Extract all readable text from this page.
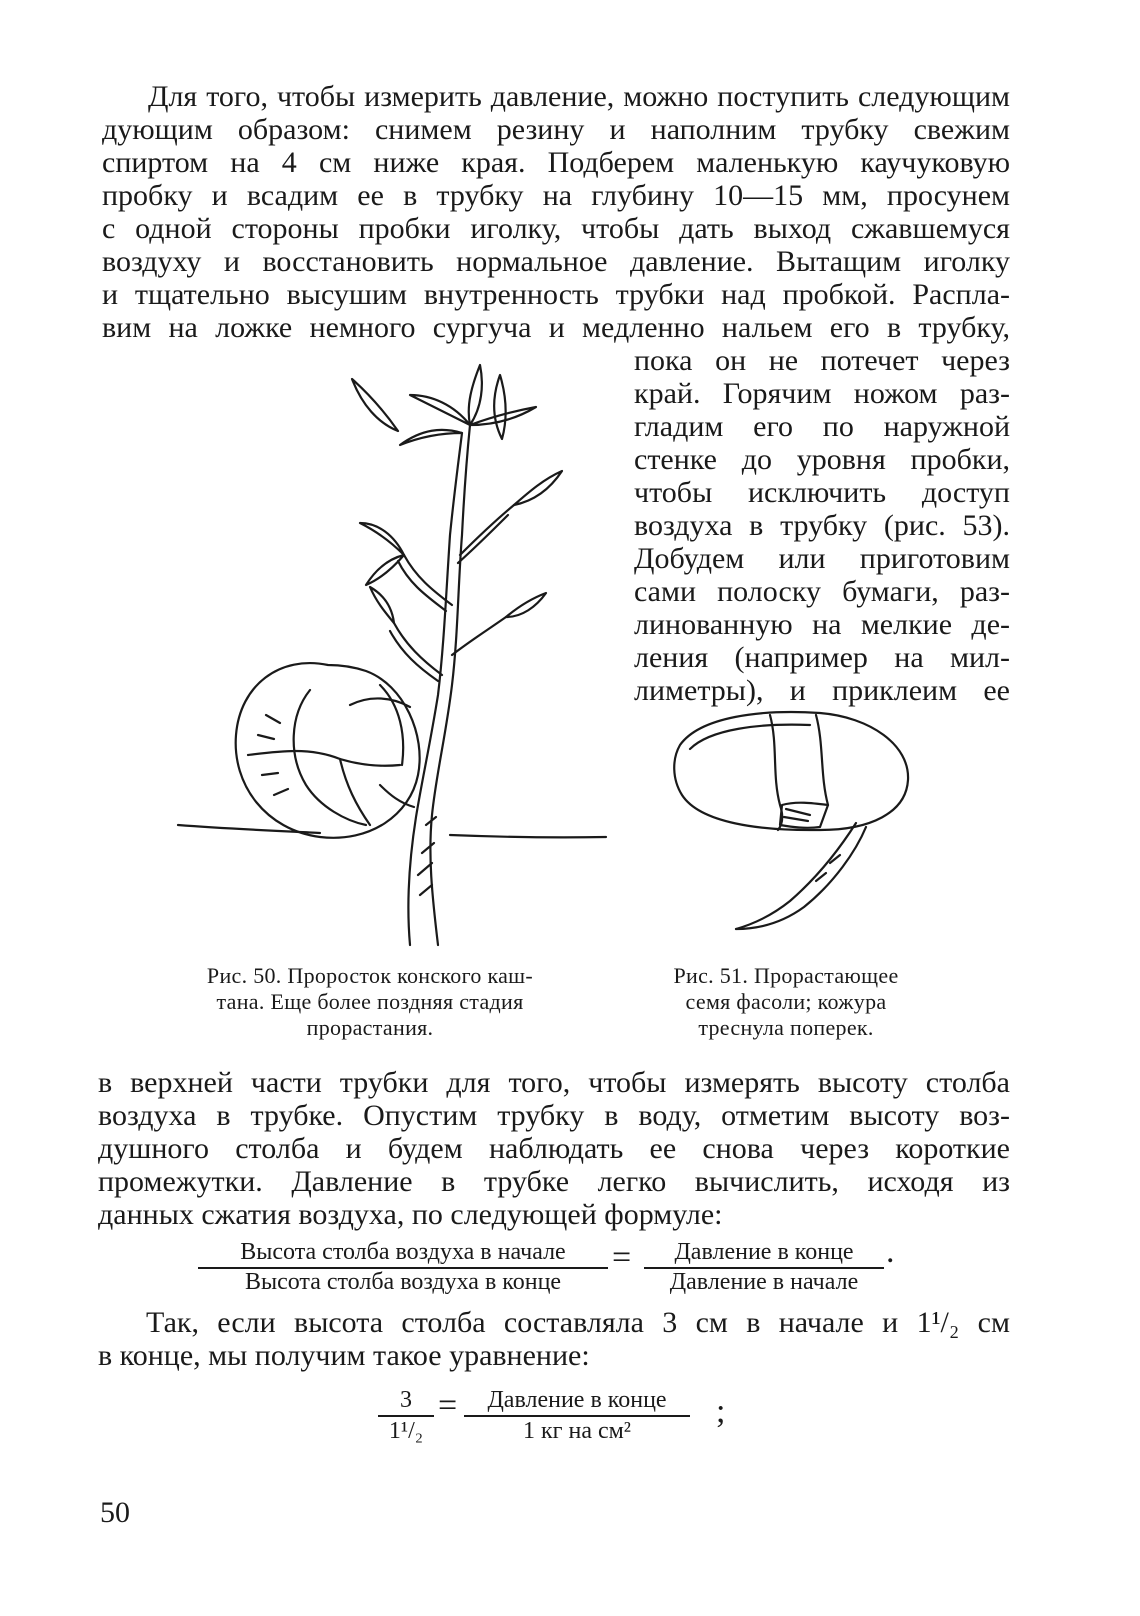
Для того, чтобы измерить давление, можно поступить следующим
дующим образом: снимем резину и наполним трубку свежим
спиртом на 4 см ниже края. Подберем маленькую каучуковую
пробку и всадим ее в трубку на глубину 10—15 мм, просунем
с одной стороны пробки иголку, чтобы дать выход сжавшемуся
воздуху и восстановить нормальное давление. Вытащим иголку
и тщательно высушим внутренность трубки над пробкой. Распла-
вим на ложке немного сургуча и медленно нальем его в трубку,
пока он не потечет через
край. Горячим ножом раз-
гладим его по наружной
стенке до уровня пробки,
чтобы исключить доступ
воздуха в трубку (рис. 53).
Добудем или приготовим
сами полоску бумаги, раз-
линованную на мелкие де-
ления (например на мил-
лиметры), и приклеим ее
Рис. 50. Проросток конского каш-
тана. Еще более поздняя стадия
прорастания.
Рис. 51. Прорастающее
семя фасоли; кожура
треснула поперек.
в верхней части трубки для того, чтобы измерять высоту столба
воздуха в трубке. Опустим трубку в воду, отметим высоту воз-
душного столба и будем наблюдать ее снова через короткие
промежутки. Давление в трубке легко вычислить, исходя из
данных сжатия воздуха, по следующей формуле:
Высота столба воздуха в начале
Высота столба воздуха в конце
=	Давление в конце
Давление в начале
.
Так, если высота столба составляла 3 см в начале и 1¹/₂ см
в конце, мы получим такое уравнение:
3
1¹/₂
=	Давление в конце
1 кг на см²
;
50
